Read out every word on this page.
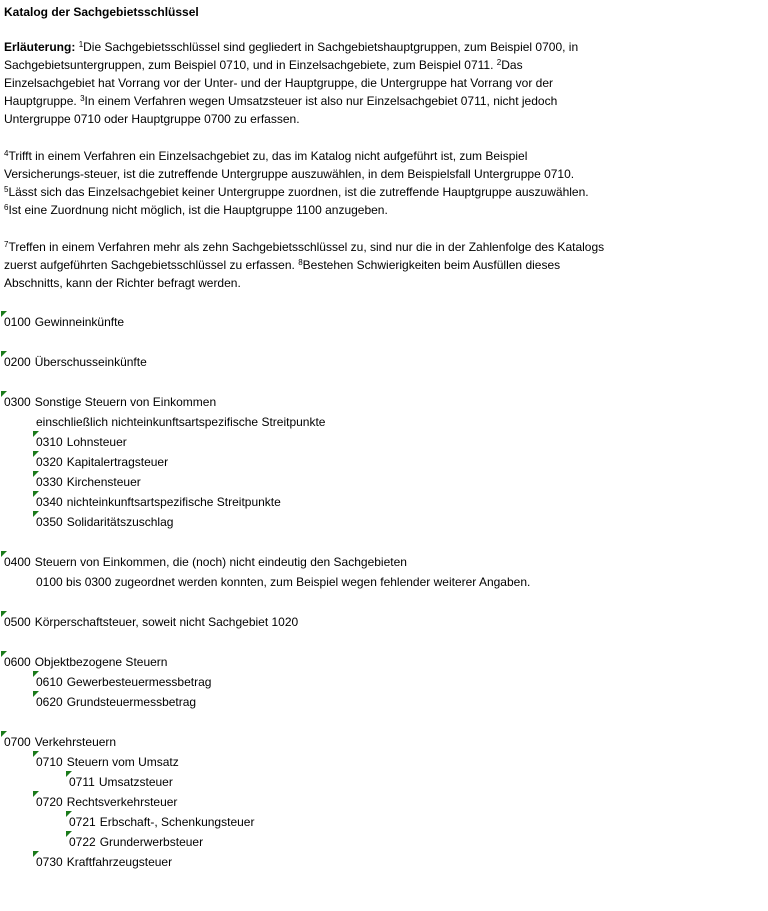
Katalog der Sachgebietsschlüssel
Erläuterung: $^1$Die Sachgebietsschlüssel sind gegliedert in Sachgebietshauptgruppen, zum Beispiel 0700, in
Sachgebietsuntergruppen, zum Beispiel 0710, und in Einzelsachgebiete, zum Beispiel 0711. $^2$Das
Einzelsachgebiet hat Vorrang vor der Unter- und der Hauptgruppe, die Untergruppe hat Vorrang vor der
Hauptgruppe. $^3$In einem Verfahren wegen Umsatzsteuer ist also nur Einzelsachgebiet 0711, nicht jedoch
Untergruppe 0710 oder Hauptgruppe 0700 zu erfassen.
$^4$Trifft in einem Verfahren ein Einzelsachgebiet zu, das im Katalog nicht aufgeführt ist, zum Beispiel
Versicherungs-steuer, ist die zutreffende Untergruppe auszuwählen, in dem Beispielsfall Untergruppe 0710.
$^5$Lässt sich das Einzelsachgebiet keiner Untergruppe zuordnen, ist die zutreffende Hauptgruppe auszuwählen.
$^6$Ist eine Zuordnung nicht möglich, ist die Hauptgruppe 1100 anzugeben.
$^7$Treffen in einem Verfahren mehr als zehn Sachgebietsschlüssel zu, sind nur die in der Zahlenfolge des Katalogs
zuerst aufgeführten Sachgebietsschlüssel zu erfassen. $^8$Bestehen Schwierigkeiten beim Ausfüllen dieses
Abschnitts, kann der Richter befragt werden.
0100 Gewinneinkünfte
0200 Überschusseinkünfte
0300 Sonstige Steuern von Einkommen
einschließlich nichteinkunftsartspezifische Streitpunkte
0310 Lohnsteuer
0320 Kapitalertragsteuer
0330 Kirchensteuer
0340 nichteinkunftsartspezifische Streitpunkte
0350 Solidaritätszuschlag
0400 Steuern von Einkommen, die (noch) nicht eindeutig den Sachgebieten
0100 bis 0300 zugeordnet werden konnten, zum Beispiel wegen fehlender weiterer Angaben.
0500 Körperschaftsteuer, soweit nicht Sachgebiet 1020
0600 Objektbezogene Steuern
0610 Gewerbesteuermessbetrag
0620 Grundsteuermessbetrag
0700 Verkehrsteuern
0710 Steuern vom Umsatz
0711 Umsatzsteuer
0720 Rechtsverkehrsteuer
0721 Erbschaft-, Schenkungsteuer
0722 Grunderwerbsteuer
0730 Kraftfahrzeugsteuer
